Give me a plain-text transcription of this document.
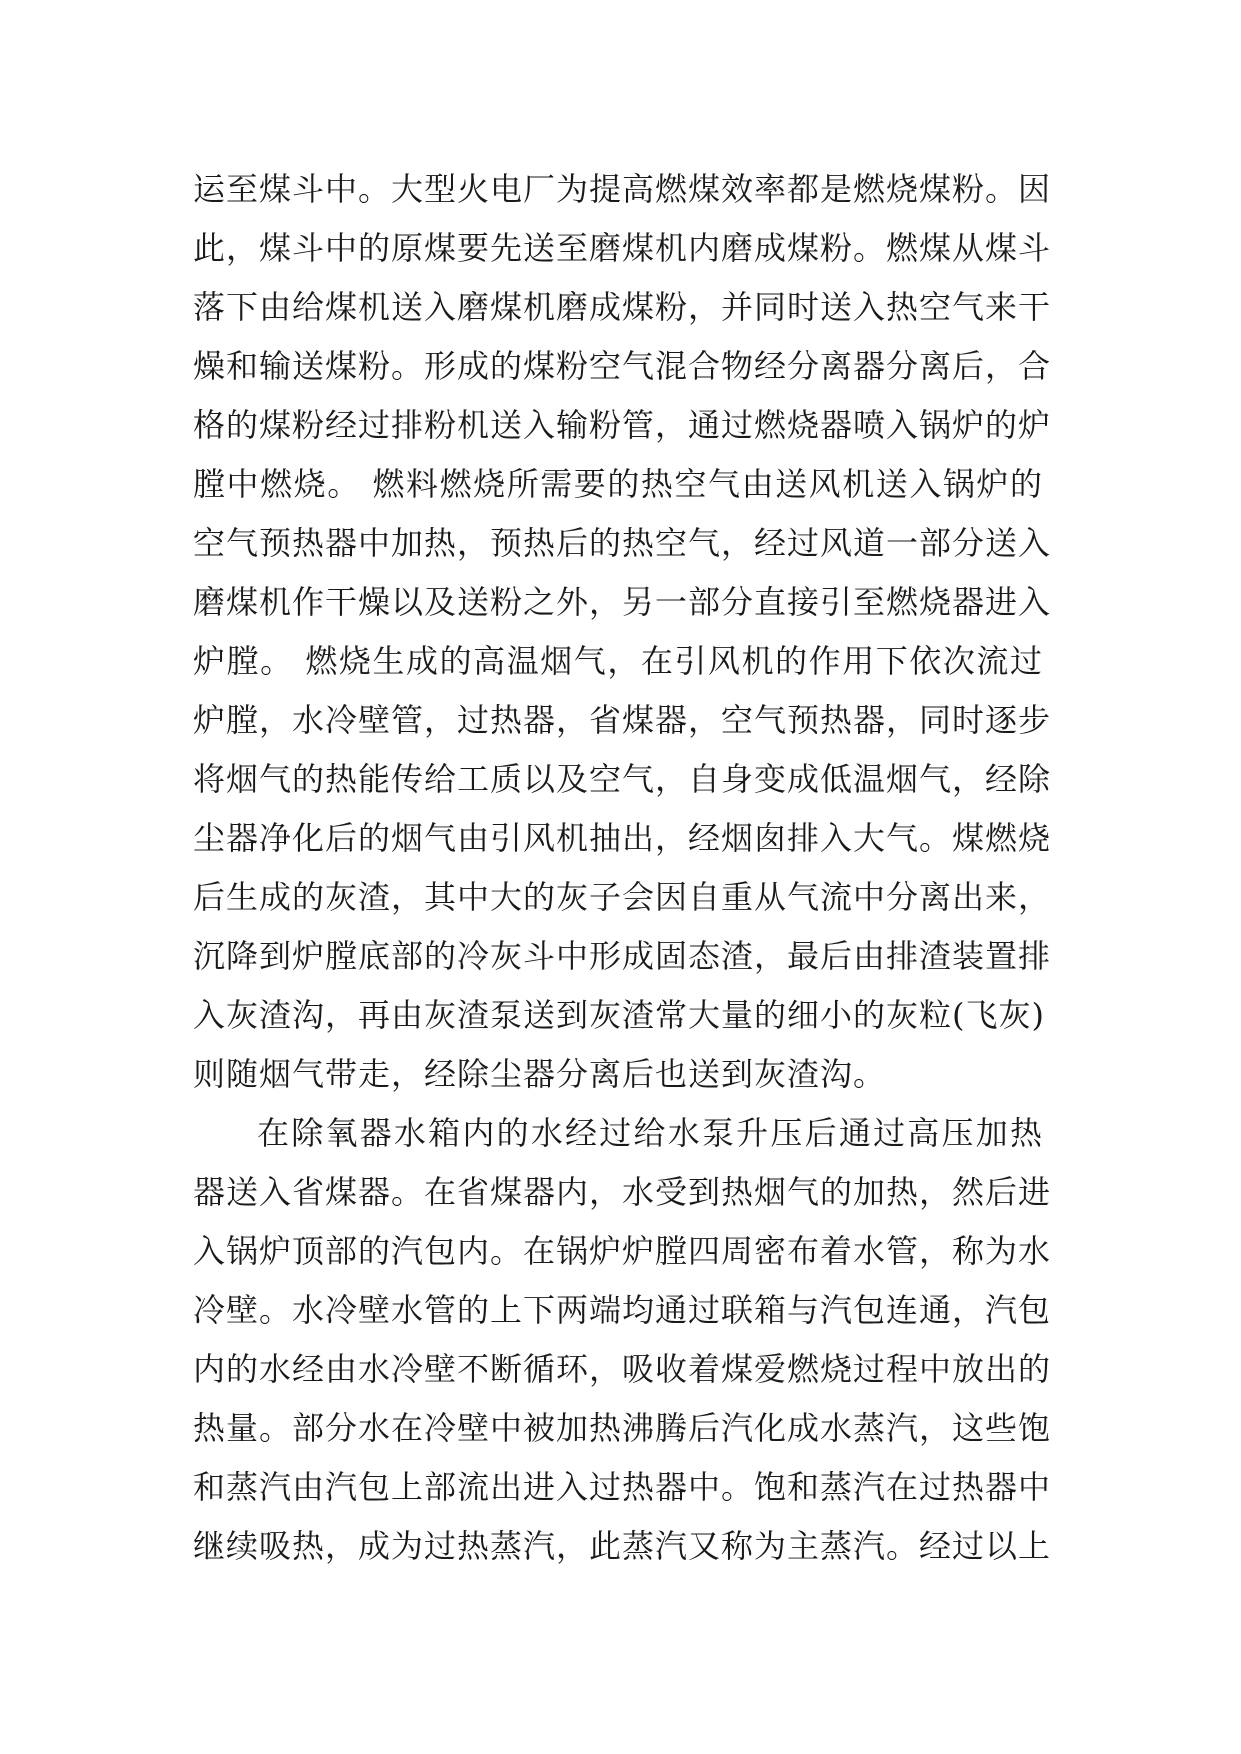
运至煤斗中。大型火电厂为提高燃煤效率都是燃烧煤粉。因
此，煤斗中的原煤要先送至磨煤机内磨成煤粉。燃煤从煤斗
落下由给煤机送入磨煤机磨成煤粉，并同时送入热空气来干
燥和输送煤粉。形成的煤粉空气混合物经分离器分离后，合
格的煤粉经过排粉机送入输粉管，通过燃烧器喷入锅炉的炉
膛中燃烧。 燃料燃烧所需要的热空气由送风机送入锅炉的
空气预热器中加热，预热后的热空气，经过风道一部分送入
磨煤机作干燥以及送粉之外，另一部分直接引至燃烧器进入
炉膛。 燃烧生成的高温烟气，在引风机的作用下依次流过
炉膛，水冷壁管，过热器，省煤器，空气预热器，同时逐步
将烟气的热能传给工质以及空气，自身变成低温烟气，经除
尘器净化后的烟气由引风机抽出，经烟囱排入大气。煤燃烧
后生成的灰渣，其中大的灰子会因自重从气流中分离出来，
沉降到炉膛底部的冷灰斗中形成固态渣，最后由排渣装置排
入灰渣沟，再由灰渣泵送到灰渣常大量的细小的灰粒(飞灰)
则随烟气带走，经除尘器分离后也送到灰渣沟。
在除氧器水箱内的水经过给水泵升压后通过高压加热
器送入省煤器。在省煤器内，水受到热烟气的加热，然后进
入锅炉顶部的汽包内。在锅炉炉膛四周密布着水管，称为水
冷壁。水冷壁水管的上下两端均通过联箱与汽包连通，汽包
内的水经由水冷壁不断循环，吸收着煤爱燃烧过程中放出的
热量。部分水在冷壁中被加热沸腾后汽化成水蒸汽，这些饱
和蒸汽由汽包上部流出进入过热器中。饱和蒸汽在过热器中
继续吸热，成为过热蒸汽，此蒸汽又称为主蒸汽。经过以上
